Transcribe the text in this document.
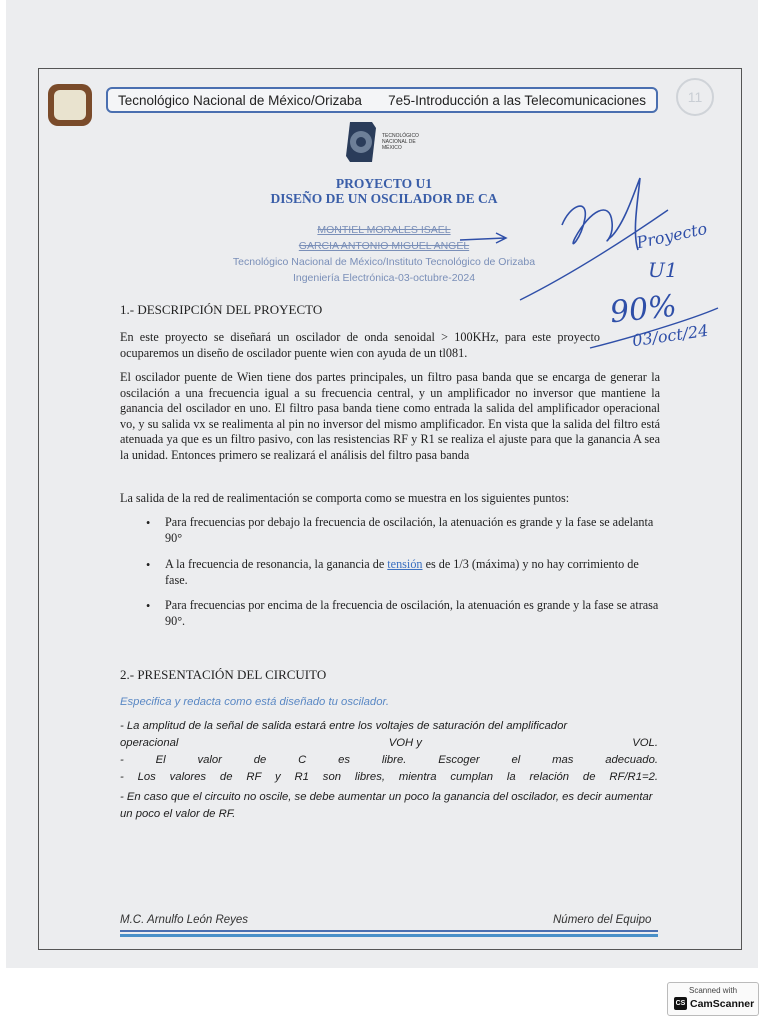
Tecnológico Nacional de México/Orizaba 7e5-Introducción a las Telecomunicaciones	11
TECNOLÓGICO NACIONAL DE MÉXICO
PROYECTO U1
DISEÑO DE UN OSCILADOR DE CA
MONTIEL MORALES ISAEL
GARCIA ANTONIO MIGUEL ANGEL
Tecnológico Nacional de México/Instituto Tecnológico de Orizaba
Ingeniería Electrónica-03-octubre-2024
Proyecto
U1
90%
03/oct/24
1.- DESCRIPCIÓN DEL PROYECTO
En este proyecto se diseñará un oscilador de onda senoidal > 100KHz, para este proyecto ocuparemos un diseño de oscilador puente wien con ayuda de un tl081.
El oscilador puente de Wien tiene dos partes principales, un filtro pasa banda que se encarga de generar la oscilación a una frecuencia igual a su frecuencia central, y un amplificador no inversor que mantiene la ganancia del oscilador en uno. El filtro pasa banda tiene como entrada la salida del amplificador operacional vo, y su salida vx se realimenta al pin no inversor del mismo amplificador. En vista que la salida del filtro está atenuada ya que es un filtro pasivo, con las resistencias RF y R1 se realiza el ajuste para que la ganancia A sea la unidad. Entonces primero se realizará el análisis del filtro pasa banda
La salida de la red de realimentación se comporta como se muestra en los siguientes puntos:
• Para frecuencias por debajo la frecuencia de oscilación, la atenuación es grande y la fase se adelanta 90°
• A la frecuencia de resonancia, la ganancia de tensión es de 1/3 (máxima) y no hay corrimiento de fase.
• Para frecuencias por encima de la frecuencia de oscilación, la atenuación es grande y la fase se atrasa 90°.
2.- PRESENTACIÓN DEL CIRCUITO
Especifica y redacta como está diseñado tu oscilador.
- La amplitud de la señal de salida estará entre los voltajes de saturación del amplificador
operacional	VOH y	VOL.
-	El	valor	de	C	es	libre.	Escoger	el	mas	adecuado.
- Los valores de RF y R1 son libres, mientra cumplan la relación de RF/R1=2.
- En caso que el circuito no oscile, se debe aumentar un poco la ganancia del oscilador, es decir aumentar un poco el valor de RF.
M.C. Arnulfo León Reyes	Número del Equipo
Scanned with
CS CamScanner
